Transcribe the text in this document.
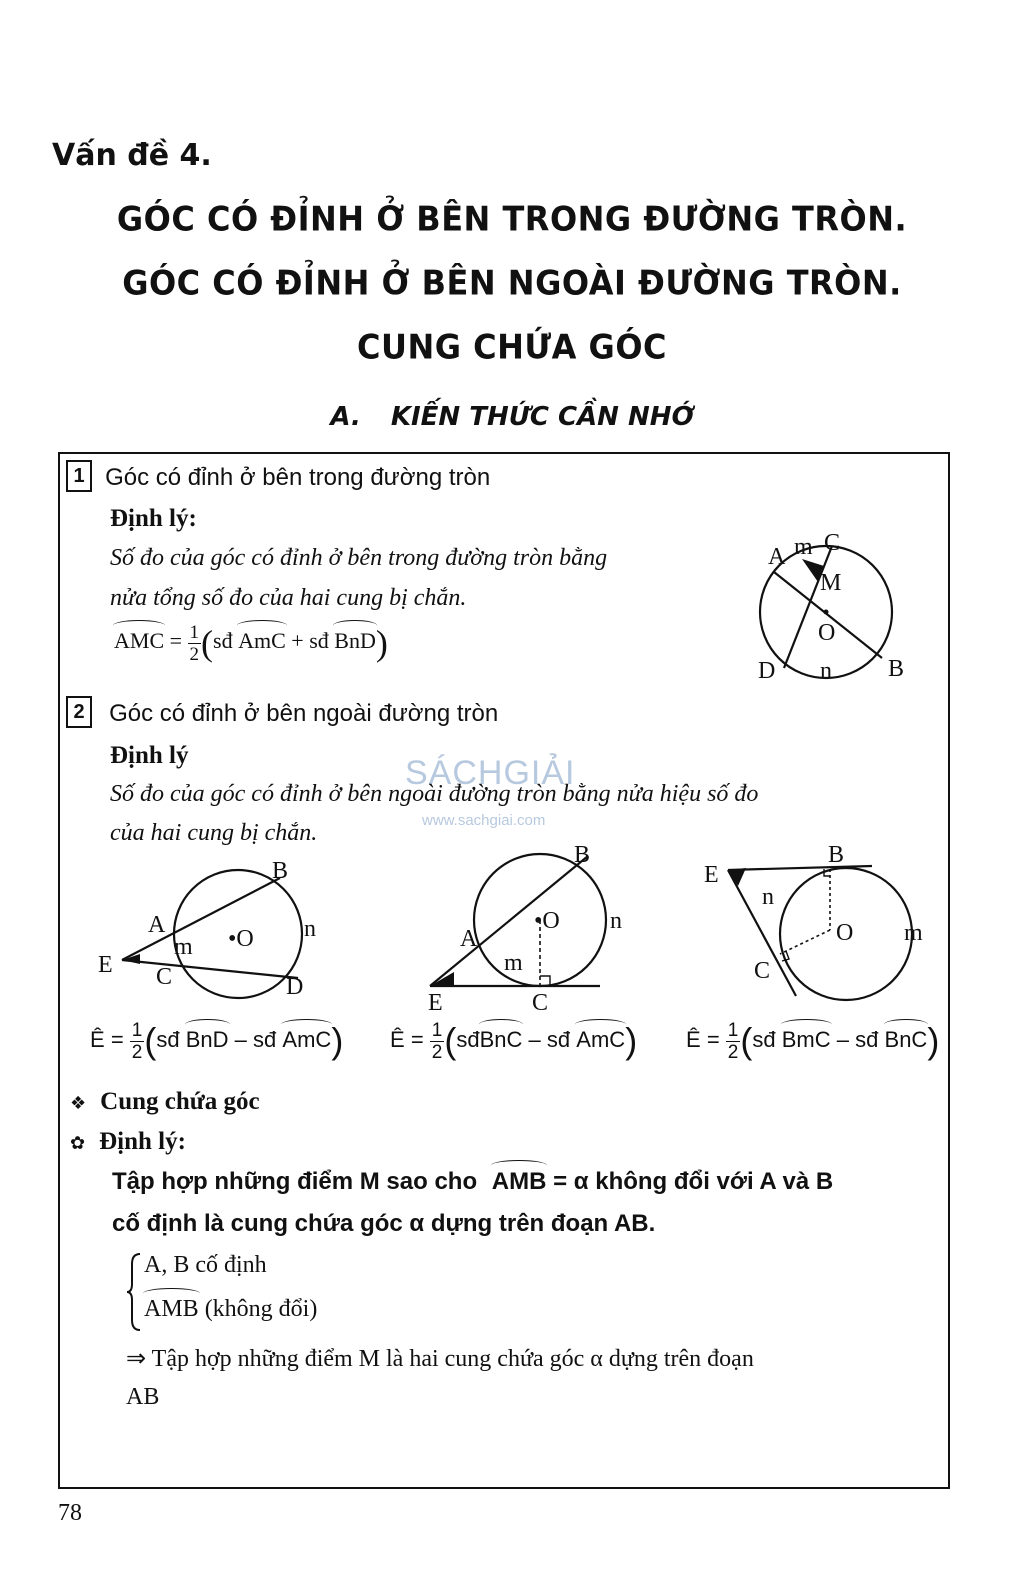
Vấn đề 4.
GÓC CÓ ĐỈNH Ở BÊN TRONG ĐƯỜNG TRÒN.
GÓC CÓ ĐỈNH Ở BÊN NGOÀI ĐƯỜNG TRÒN.
CUNG CHỨA GÓC
A. KIẾN THỨC CẦN NHỚ
1 Góc có đỉnh ở bên trong đường tròn
Định lý:
Số đo của góc có đỉnh ở bên trong đường tròn bằng
nửa tổng số đo của hai cung bị chắn.
AMC = $\frac{1}{2}$ (sđ AmC + sđ BnD)
A m C
M
O
D n B
2 Góc có đỉnh ở bên ngoài đường tròn
Định lý	SÁCHGIẢI
www.sachgiai.com
Số đo của góc có đỉnh ở bên ngoài đường tròn bằng nửa hiệu số đo
của hai cung bị chắn.
B
A
m •O n
E C	D
B
•O n
A
m
E	C
E
B
n
O m
C
Ê = $\frac{1}{2}$ (sđ BnD – sđ AmC) Ê = $\frac{1}{2}$ (sđBnC – sđ AmC) Ê = $\frac{1}{2}$ (sđ BmC – sđ BnC)
❖ Cung chứa góc
✿ Định lý:
Tập hợp những điểm M sao cho AMB = α không đổi với A và B
cố định là cung chứa góc α dựng trên đoạn AB.
A, B cố định
AMB (không đổi)
⇒ Tập hợp những điểm M là hai cung chứa góc α dựng trên đoạn
AB
78
